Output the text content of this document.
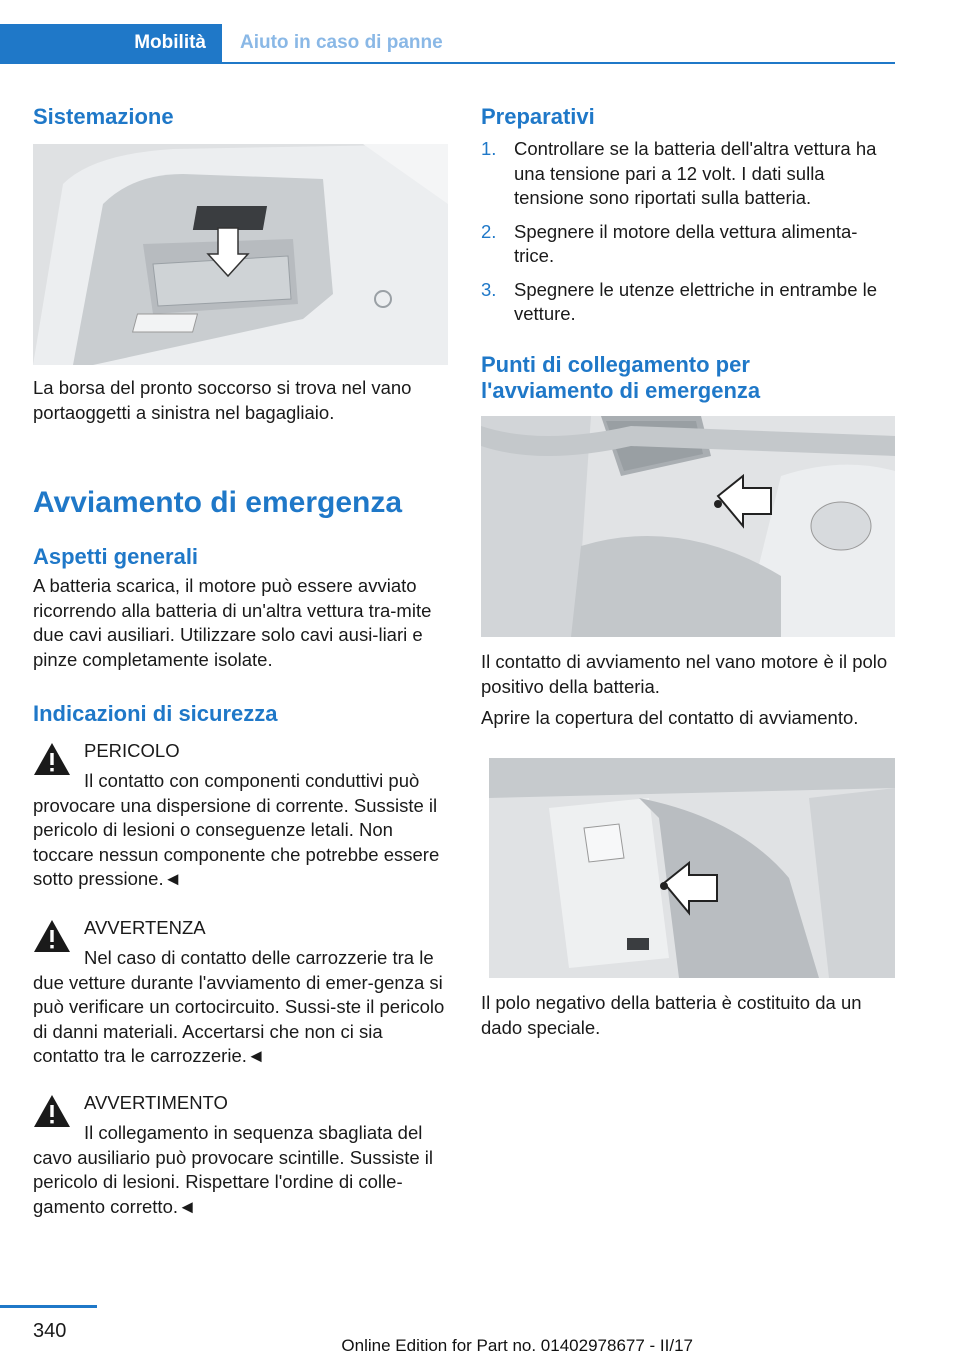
Mobilità Aiuto in caso di panne
Sistemazione

La borsa del pronto soccorso si trova nel vano portaoggetti a sinistra nel bagagliaio.

Avviamento di emergenza
Aspetti generali

A batteria scarica, il motore può essere avviato ricorrendo alla batteria di un'altra vettura tra-mite due cavi ausiliari. Utilizzare solo cavi ausi-liari e pinze completamente isolate.

Indicazioni di sicurezza
PERICOLO

Il contatto con componenti conduttivi può provocare una dispersione di corrente. Sussiste il pericolo di lesioni o conseguenze letali. Non toccare nessun componente che potrebbe essere sotto pressione.◄

AVVERTENZA

Nel caso di contatto delle carrozzerie tra le due vetture durante l'avviamento di emer-genza si può verificare un cortocircuito. Sussi-ste il pericolo di danni materiali. Accertarsi che non ci sia contatto tra le carrozzerie.◄

AVVERTIMENTO

Il collegamento in sequenza sbagliata del cavo ausiliario può provocare scintille. Sussiste il pericolo di lesioni. Rispettare l'ordine di colle-gamento corretto.◄

Preparativi
1. Controllare se la batteria dell'altra vettura ha una tensione pari a 12 volt. I dati sulla tensione sono riportati sulla batteria.
2. Spegnere il motore della vettura alimenta-trice.
3. Spegnere le utenze elettriche in entrambe le vetture.
Punti di collegamento per l'avviamento di emergenza

Il contatto di avviamento nel vano motore è il polo positivo della batteria.

Aprire la copertura del contatto di avviamento.

Il polo negativo della batteria è costituito da un dado speciale.

340
Online Edition for Part no. 01402978677 - II/17
